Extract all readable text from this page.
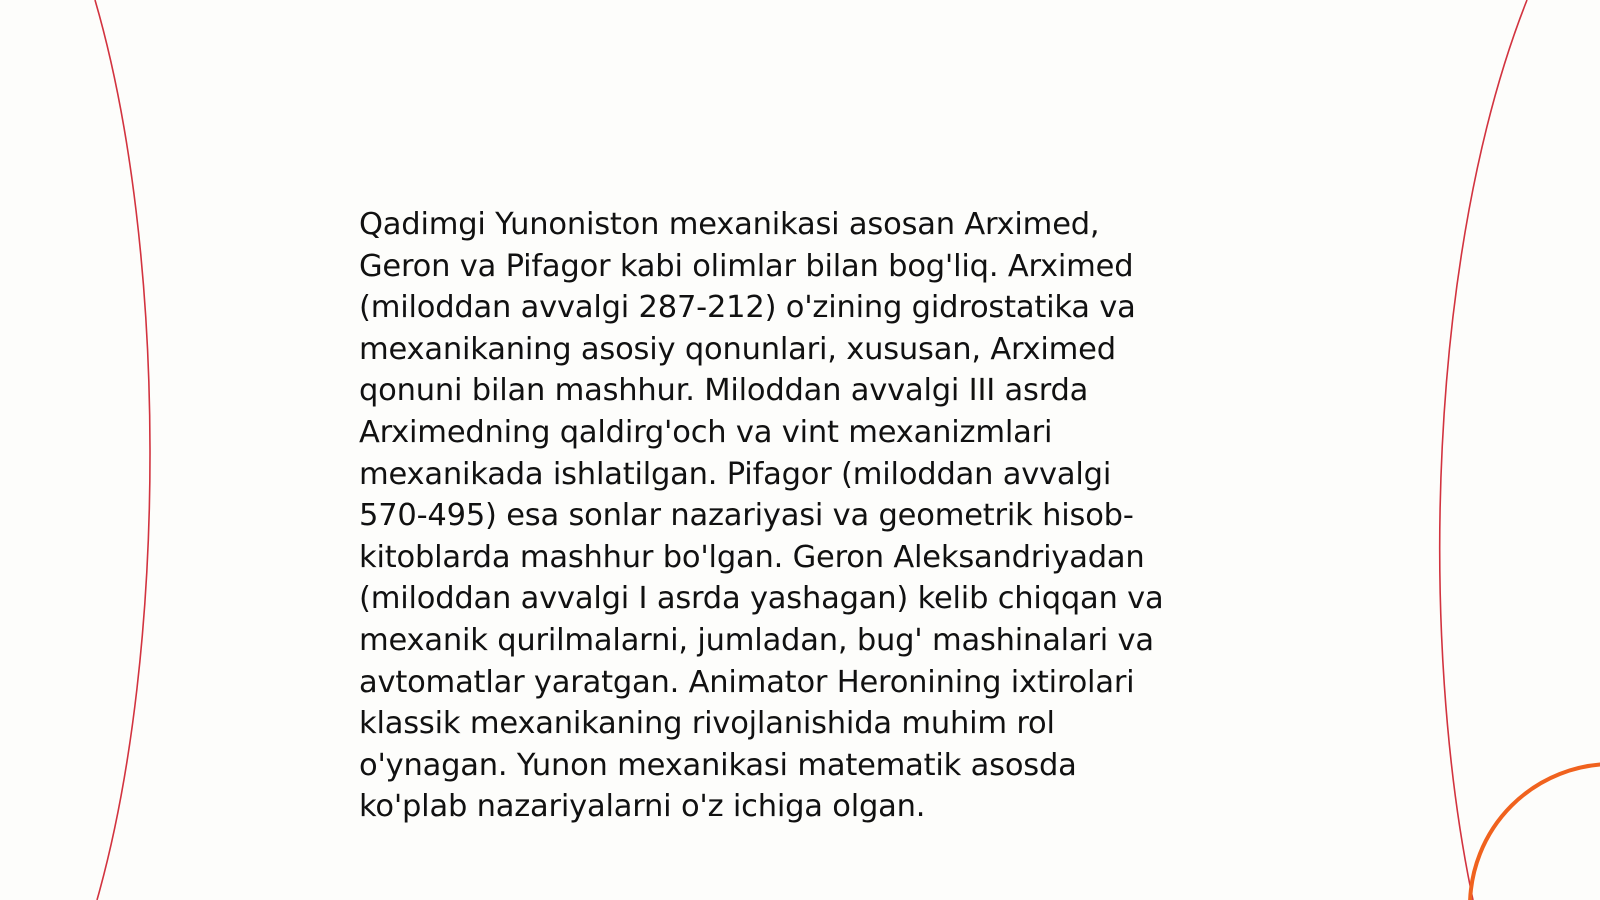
Qadimgi Yunoniston mexanikasi asosan Arximed,
Geron va Pifagor kabi olimlar bilan bog'liq. Arximed
(miloddan avvalgi 287-212) o'zining gidrostatika va
mexanikaning asosiy qonunlari, xususan, Arximed
qonuni bilan mashhur. Miloddan avvalgi III asrda
Arximedning qaldirg'och va vint mexanizmlari
mexanikada ishlatilgan. Pifagor (miloddan avvalgi
570-495) esa sonlar nazariyasi va geometrik hisob-
kitoblarda mashhur bo'lgan. Geron Aleksandriyadan
(miloddan avvalgi I asrda yashagan) kelib chiqqan va
mexanik qurilmalarni, jumladan, bug' mashinalari va
avtomatlar yaratgan. Animator Heronining ixtirolari
klassik mexanikaning rivojlanishida muhim rol
o'ynagan. Yunon mexanikasi matematik asosda
ko'plab nazariyalarni o'z ichiga olgan.
